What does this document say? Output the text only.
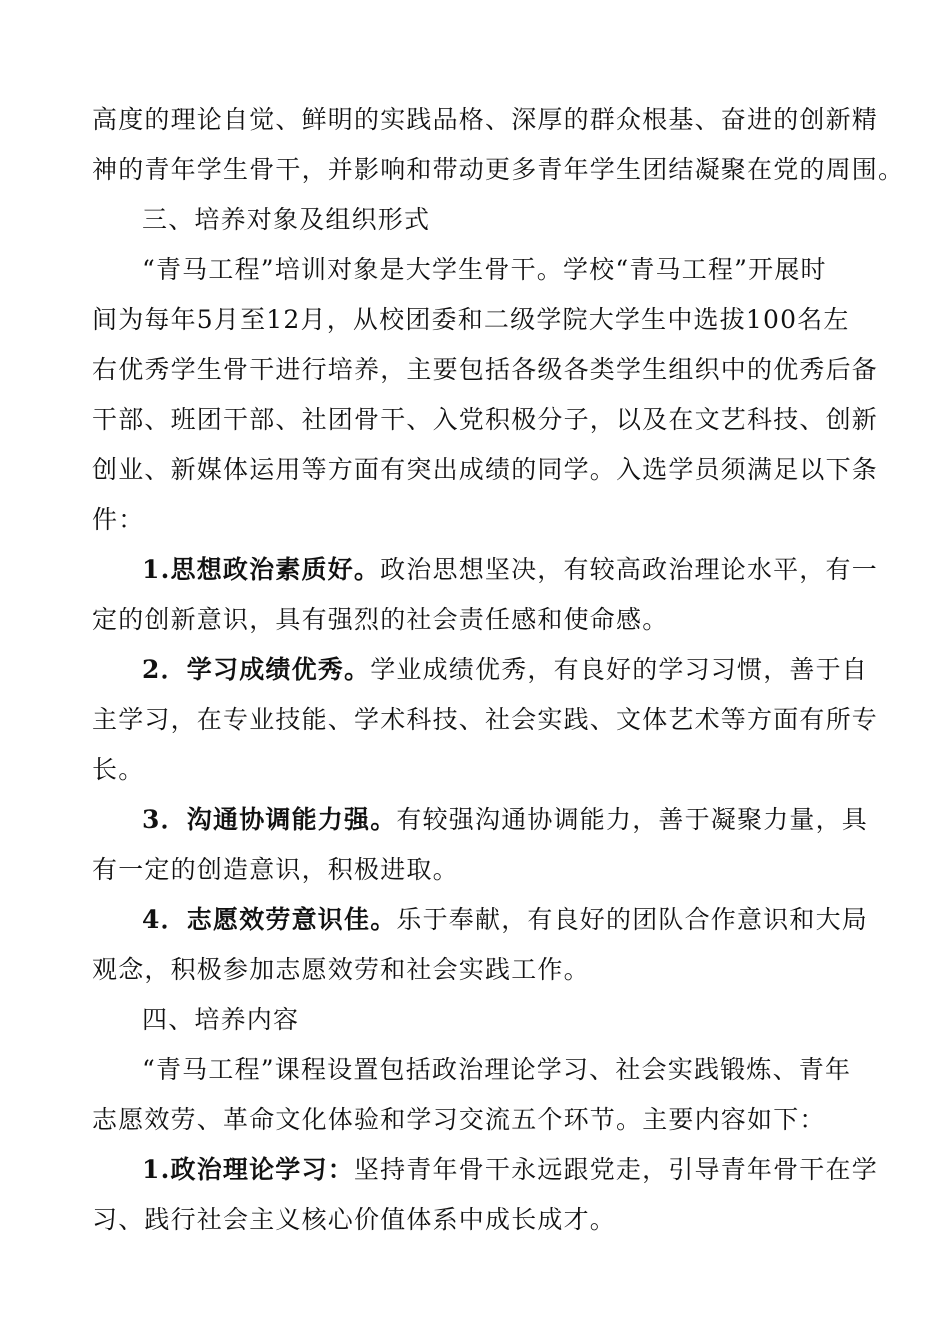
高度的理论自觉、鲜明的实践品格、深厚的群众根基、奋进的创新精
神的青年学生骨干，并影响和带动更多青年学生团结凝聚在党的周围。
三、培养对象及组织形式
“青马工程”培训对象是大学生骨干。学校“青马工程”开展时
间为每年5月至12月，从校团委和二级学院大学生中选拔100名左
右优秀学生骨干进行培养，主要包括各级各类学生组织中的优秀后备
干部、班团干部、社团骨干、入党积极分子，以及在文艺科技、创新
创业、新媒体运用等方面有突出成绩的同学。入选学员须满足以下条
件：
1.思想政治素质好。政治思想坚决，有较高政治理论水平，有一
定的创新意识，具有强烈的社会责任感和使命感。
2．学习成绩优秀。学业成绩优秀，有良好的学习习惯，善于自
主学习，在专业技能、学术科技、社会实践、文体艺术等方面有所专
长。
3．沟通协调能力强。有较强沟通协调能力，善于凝聚力量，具
有一定的创造意识，积极进取。
4．志愿效劳意识佳。乐于奉献，有良好的团队合作意识和大局
观念，积极参加志愿效劳和社会实践工作。
四、培养内容
“青马工程”课程设置包括政治理论学习、社会实践锻炼、青年
志愿效劳、革命文化体验和学习交流五个环节。主要内容如下：
1.政治理论学习：坚持青年骨干永远跟党走，引导青年骨干在学
习、践行社会主义核心价值体系中成长成才。
